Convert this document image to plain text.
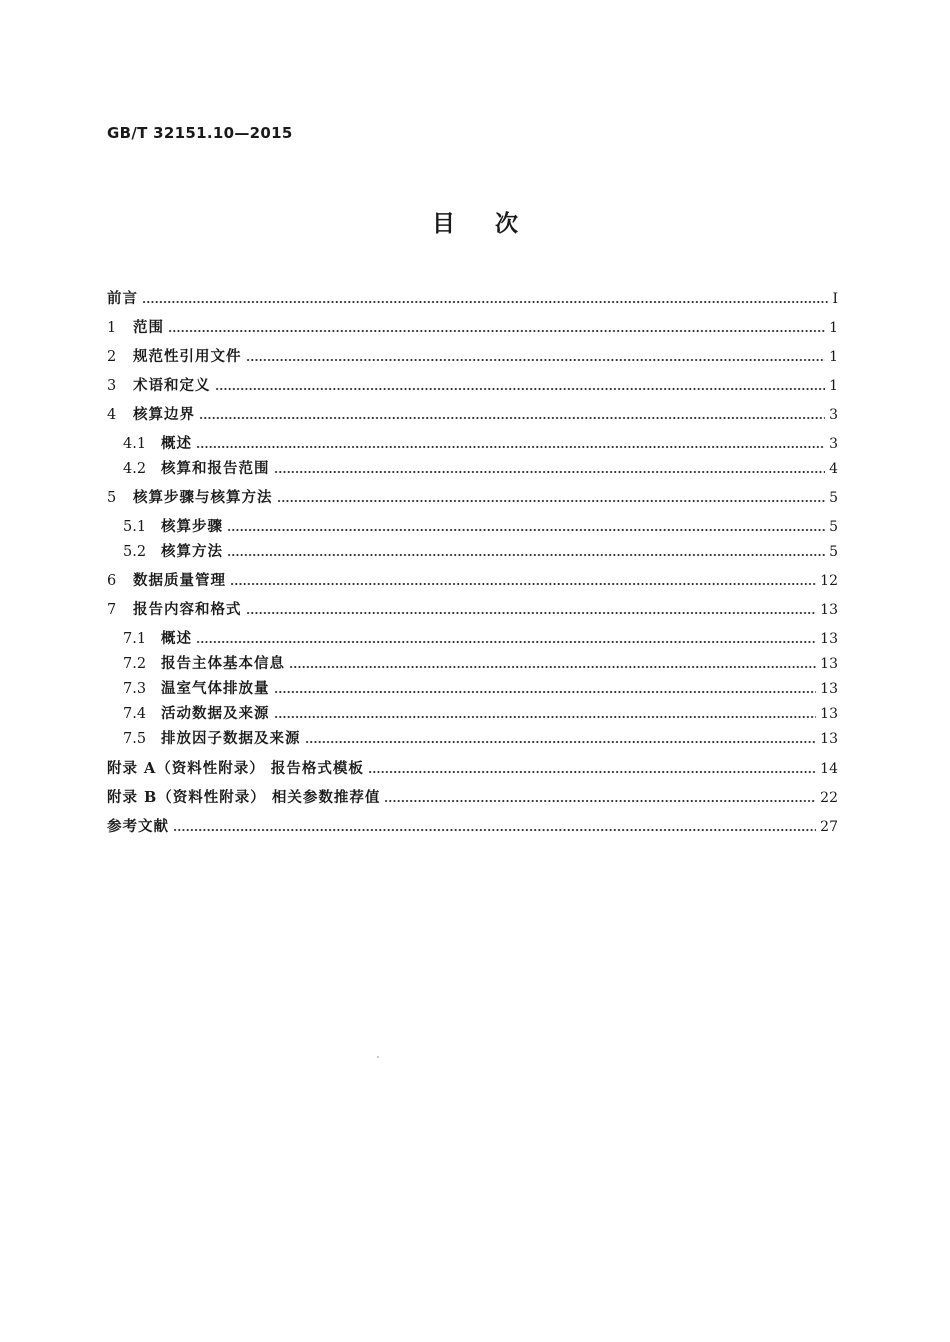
GB/T 32151.10—2015
目次
前言	Ⅰ
1	范围	1
2	规范性引用文件	1
3	术语和定义	1
4	核算边界	3
4.1	概述	3
4.2	核算和报告范围	4
5	核算步骤与核算方法	5
5.1	核算步骤	5
5.2	核算方法	5
6	数据质量管理	12
7	报告内容和格式	13
7.1	概述	13
7.2	报告主体基本信息	13
7.3	温室气体排放量	13
7.4	活动数据及来源	13
7.5	排放因子数据及来源	13
附录 A（资料性附录） 报告格式模板	14
附录 B（资料性附录） 相关参数推荐值	22
参考文献	27
